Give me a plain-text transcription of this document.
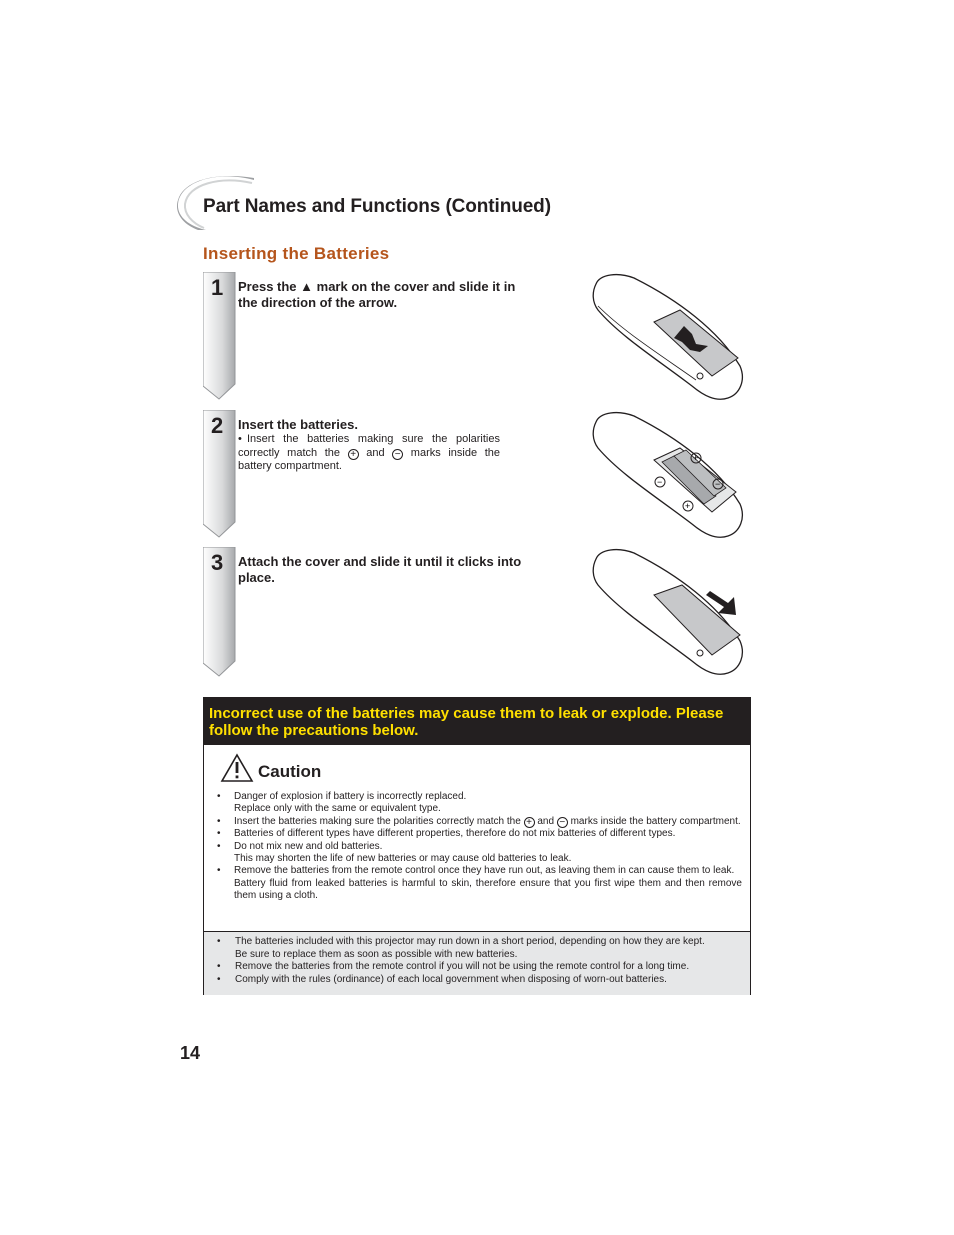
Part Names and Functions (Continued)
Inserting the Batteries
1 Press the ▲ mark on the cover and slide it in the direction of the arrow.
2 Insert the batteries.
• Insert the batteries making sure the polarities correctly match the + and − marks inside the battery compartment.
3 Attach the cover and slide it until it clicks into place.
+
−	−
+
Incorrect use of the batteries may cause them to leak or explode. Please follow the precautions below.
Caution
• Danger of explosion if battery is incorrectly replaced.
Replace only with the same or equivalent type.
• Insert the batteries making sure the polarities correctly match the + and − marks inside the battery compartment.
• Batteries of different types have different properties, therefore do not mix batteries of different types.
• Do not mix new and old batteries.
This may shorten the life of new batteries or may cause old batteries to leak.
• Remove the batteries from the remote control once they have run out, as leaving them in can cause them to leak.
Battery fluid from leaked batteries is harmful to skin, therefore ensure that you first wipe them and then remove them using a cloth.
• The batteries included with this projector may run down in a short period, depending on how they are kept.
Be sure to replace them as soon as possible with new batteries.
• Remove the batteries from the remote control if you will not be using the remote control for a long time.
• Comply with the rules (ordinance) of each local government when disposing of worn-out batteries.
14
